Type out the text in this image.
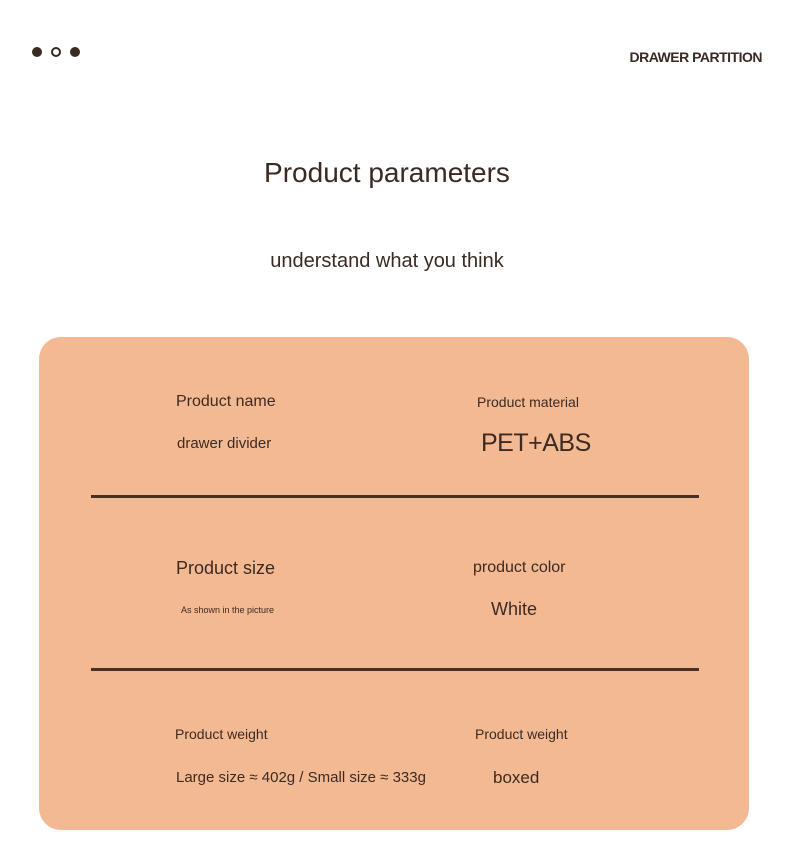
DRAWER PARTITION
Product parameters
understand what you think
Product name
drawer divider
Product material
PET+ABS
Product size
As shown in the picture
product color
White
Product weight
Large size ≈ 402g / Small size ≈ 333g
Product weight
boxed
